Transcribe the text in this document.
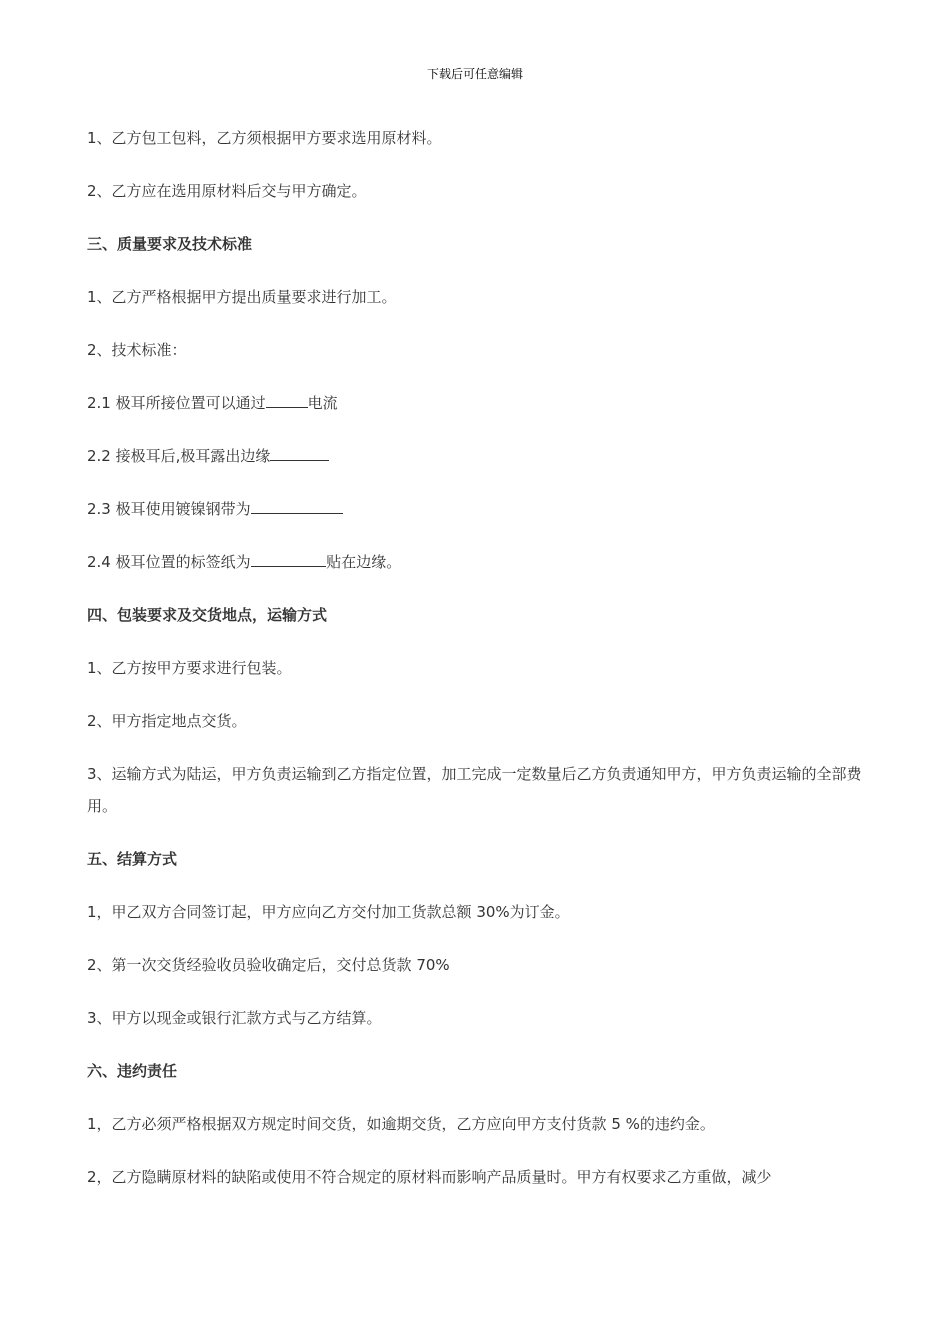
下载后可任意编辑
1、乙方包工包料，乙方须根据甲方要求选用原材料。
2、乙方应在选用原材料后交与甲方确定。
三、质量要求及技术标准
1、乙方严格根据甲方提出质量要求进行加工。
2、技术标准：
2.1 极耳所接位置可以通过	电流
2.2 接极耳后,极耳露出边缘
2.3 极耳使用镀镍钢带为
2.4 极耳位置的标签纸为	贴在边缘。
四、包装要求及交货地点，运输方式
1、乙方按甲方要求进行包装。
2、甲方指定地点交货。
3、运输方式为陆运，甲方负责运输到乙方指定位置，加工完成一定数量后乙方负责通知甲方，甲方负责运输的全部费用。
五、结算方式
1，甲乙双方合同签订起，甲方应向乙方交付加工货款总额 30%为订金。
2、第一次交货经验收员验收确定后，交付总货款 70%
3、甲方以现金或银行汇款方式与乙方结算。
六、违约责任
1，乙方必须严格根据双方规定时间交货，如逾期交货，乙方应向甲方支付货款 5 %的违约金。
2，乙方隐瞒原材料的缺陷或使用不符合规定的原材料而影响产品质量时。甲方有权要求乙方重做，减少
